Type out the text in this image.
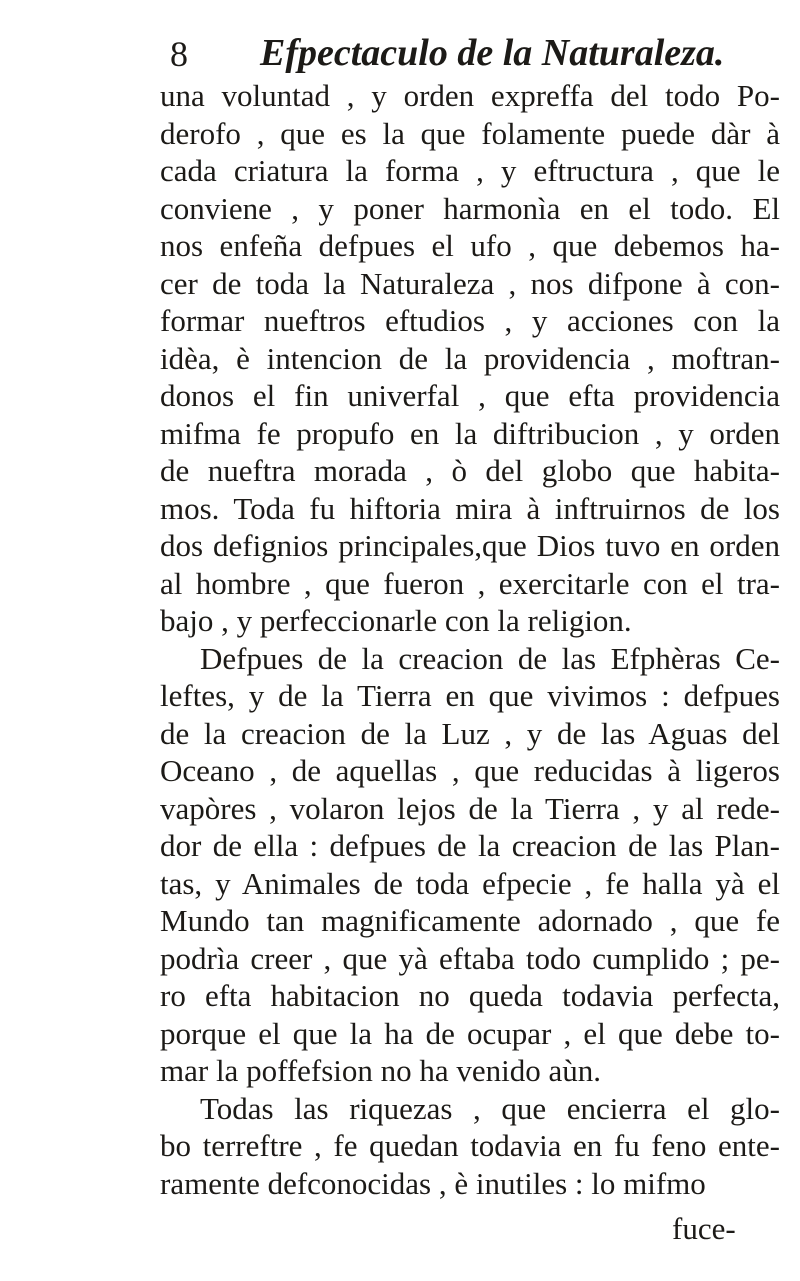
8 Efpectaculo de la Naturaleza.
una voluntad , y orden expreffa del todo Po-
derofo , que es la que folamente puede dàr à
cada criatura la forma , y eftructura , que le
conviene , y poner harmonìa en el todo. El
nos enfeña defpues el ufo , que debemos ha-
cer de toda la Naturaleza , nos difpone à con-
formar nueftros eftudios , y acciones con la
idèa, è intencion de la providencia , moftran-
donos el fin univerfal , que efta providencia
mifma fe propufo en la diftribucion , y orden
de nueftra morada , ò del globo que habita-
mos. Toda fu hiftoria mira à inftruirnos de los
dos defignios principales,que Dios tuvo en orden
al hombre , que fueron , exercitarle con el tra-
bajo , y perfeccionarle con la religion.
Defpues de la creacion de las Efphèras Ce-
leftes, y de la Tierra en que vivimos : defpues
de la creacion de la Luz , y de las Aguas del
Oceano , de aquellas , que reducidas à ligeros
vapòres , volaron lejos de la Tierra , y al rede-
dor de ella : defpues de la creacion de las Plan-
tas, y Animales de toda efpecie , fe halla yà el
Mundo tan magnificamente adornado , que fe
podrìa creer , que yà eftaba todo cumplido ; pe-
ro efta habitacion no queda todavia perfecta,
porque el que la ha de ocupar , el que debe to-
mar la poffefsion no ha venido aùn.
Todas las riquezas , que encierra el glo-
bo terreftre , fe quedan todavia en fu feno ente-
ramente defconocidas , è inutiles : lo mifmo
fuce-
